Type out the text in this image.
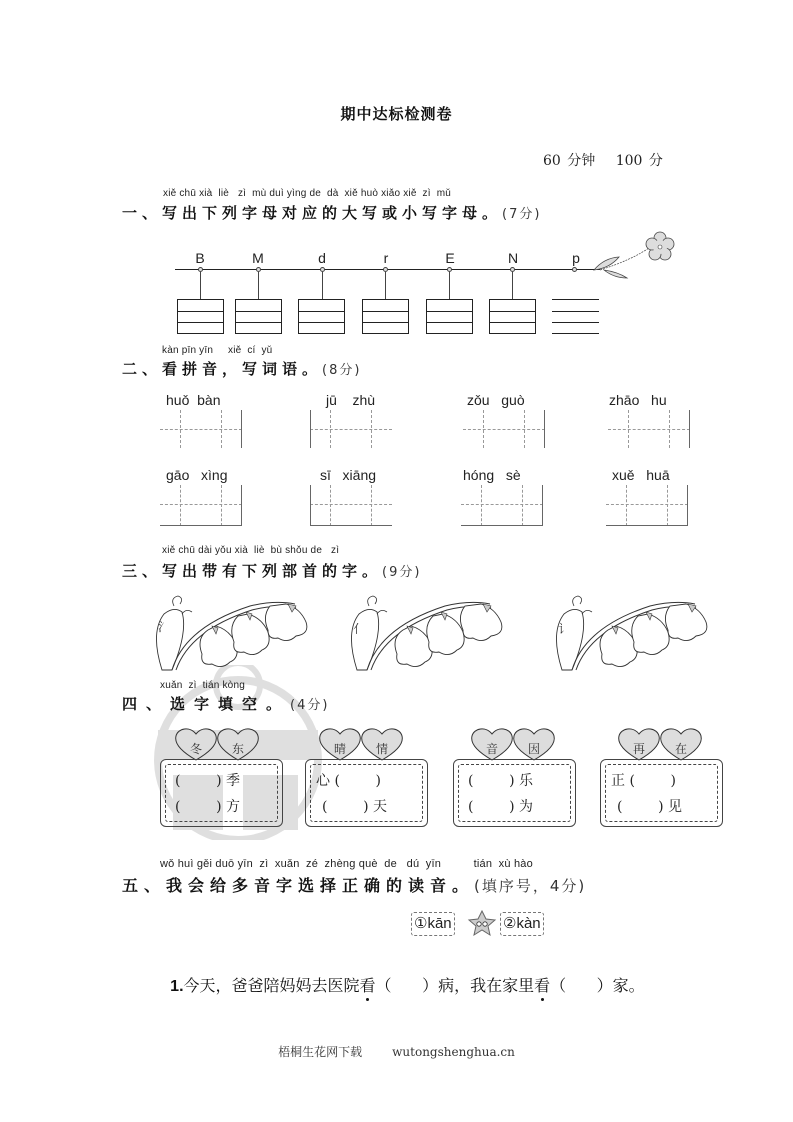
期中达标检测卷
60 分钟 100 分
xiě chū xià  liè   zì  mù duì yìng de  dà  xiě huò xiǎo xiě  zì  mǔ
一、写出下列字母对应的大写或小写字母。(7分)
B	M	d	r	E	N	p
kàn pīn yīn     xiě  cí  yǔ
二、看拼音，写词语。(8分)
huǒ  bàn	jū    zhù	zǒu   guò	zhāo   hu
gāo   xìng	sī   xiāng	hóng   sè	xuě   huā
xiě chū dài yǒu xià  liè  bù shǒu de   zì
三、写出带有下列部首的字。(9分)
氵	亻	讠
xuǎn  zì  tián kòng
四、选字填空。(4分)
冬	东
(        ) 季
(        ) 方
晴	情
心 (        )
(        ) 天
音	因
(        ) 乐
(        ) 为
再	在
正 (        )
(        ) 见
wǒ huì gěi duō yīn  zì  xuǎn  zé  zhèng què  de   dú  yīn          tián  xù hào
五、我会给多音字选择正确的读音。(填序号，4分)
①kān	②kàn

1.今天，爸爸陪妈妈去医院看（      ）病，我在家里看（      ）家。

梧桐生花网下载	wutongshenghua.cn
